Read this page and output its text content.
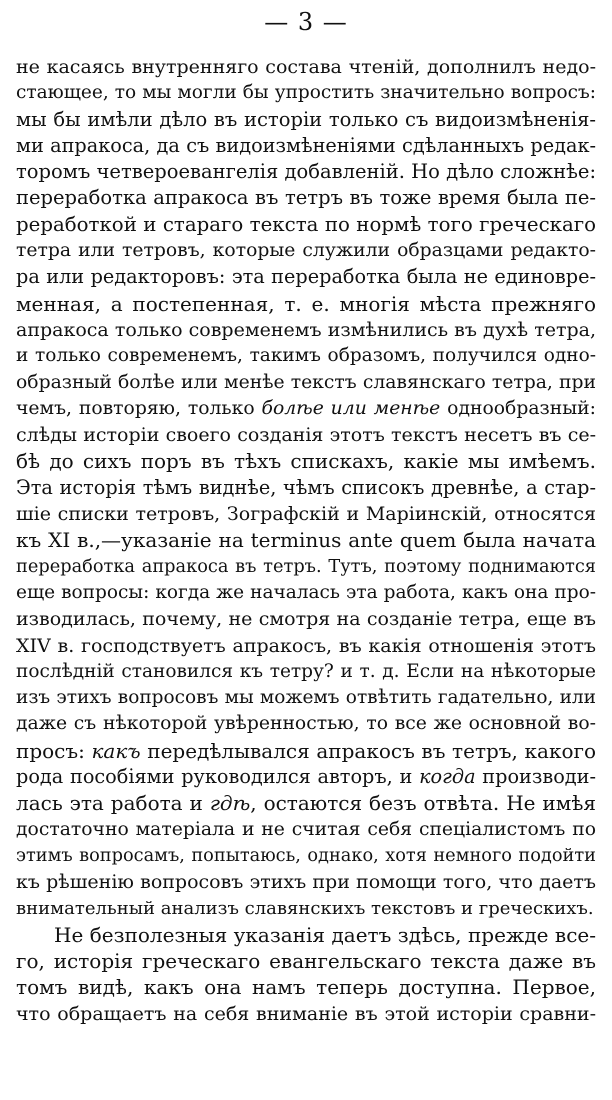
— 3 —
не касаясь внутренняго состава чтеній, дополнилъ недо-
стающее, то мы могли бы упростить значительно вопросъ:
мы бы имѣли дѣло въ исторіи только съ видоизмѣненія-
ми апракоса, да съ видоизмѣненіями сдѣланныхъ редак-
торомъ четвероевангелія добавленій. Но дѣло сложнѣе:
переработка апракоса въ тетръ въ тоже время была пе-
реработкой и стараго текста по нормѣ того греческаго
тетра или тетровъ, которые служили образцами редакто-
ра или редакторовъ: эта переработка была не единовре-
менная, а постепенная, т. е. многія мѣста прежняго
апракоса только современемъ измѣнились въ духѣ тетра,
и только современемъ, такимъ образомъ, получился одно-
образный болѣе или менѣе текстъ славянскаго тетра, при
чемъ, повторяю, только болѣе или менѣе однообразный:
слѣды исторіи своего созданія этотъ текстъ несетъ въ се-
бѣ до сихъ поръ въ тѣхъ спискахъ, какіе мы имѣемъ.
Эта исторія тѣмъ виднѣе, чѣмъ списокъ древнѣе, а стар-
шіе списки тетровъ, Зографскій и Маріинскій, относятся
къ XI в.,—указаніе на terminus ante quem была начата
переработка апракоса въ тетръ. Тутъ, поэтому поднимаются
еще вопросы: когда же началась эта работа, какъ она про-
изводилась, почему, не смотря на созданіе тетра, еще въ
XIV в. господствуетъ апракосъ, въ какія отношенія этотъ
послѣдній становился къ тетру? и т. д. Если на нѣкоторые
изъ этихъ вопросовъ мы можемъ отвѣтить гадательно, или
даже съ нѣкоторой увѣренностью, то все же основной во-
просъ: какъ передѣлывался апракосъ въ тетръ, какого
рода пособіями руководился авторъ, и когда производи-
лась эта работа и гдѣ, остаются безъ отвѣта. Не имѣя
достаточно матеріала и не считая себя спеціалистомъ по
этимъ вопросамъ, попытаюсь, однако, хотя немного подойти
къ рѣшенію вопросовъ этихъ при помощи того, что даетъ
внимательный анализъ славянскихъ текстовъ и греческихъ.
Не безполезныя указанія даетъ здѣсь, прежде все-
го, исторія греческаго евангельскаго текста даже въ
томъ видѣ, какъ она намъ теперь доступна. Первое,
что обращаетъ на себя вниманіе въ этой исторіи сравни-
